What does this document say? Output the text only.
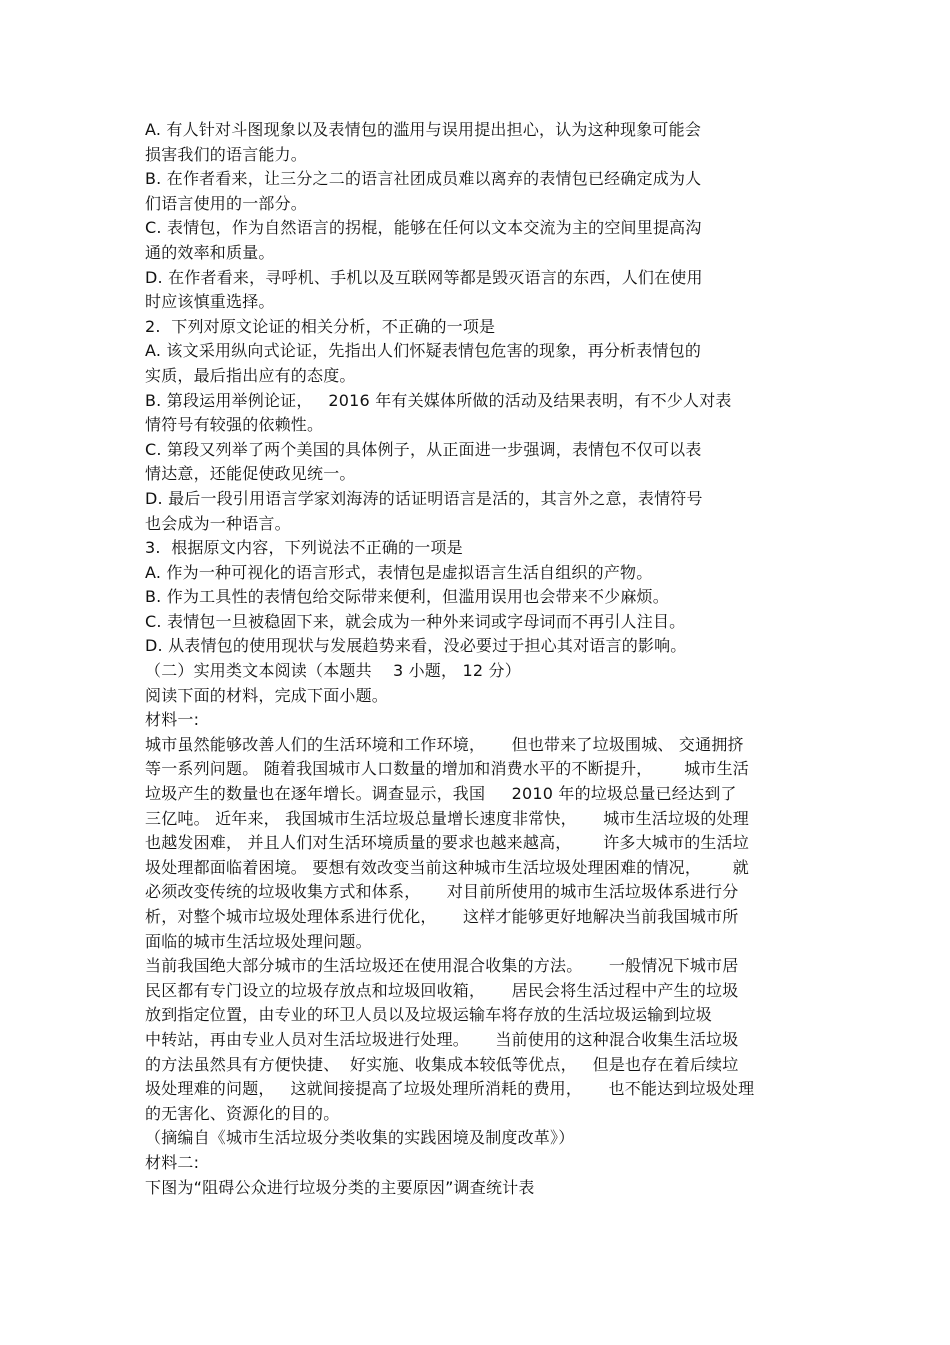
A. 有人针对斗图现象以及表情包的滥用与误用提出担心，认为这种现象可能会
损害我们的语言能力。
B. 在作者看来，让三分之二的语言社团成员难以离弃的表情包已经确定成为人
们语言使用的一部分。
C. 表情包，作为自然语言的拐棍，能够在任何以文本交流为主的空间里提高沟
通的效率和质量。
D. 在作者看来，寻呼机、手机以及互联网等都是毁灭语言的东西，人们在使用
时应该慎重选择。
2.  下列对原文论证的相关分析，不正确的一项是
A. 该文采用纵向式论证，先指出人们怀疑表情包危害的现象，再分析表情包的
实质，最后指出应有的态度。
B. 第段运用举例论证，   2016 年有关媒体所做的活动及结果表明，有不少人对表
情符号有较强的依赖性。
C. 第段又列举了两个美国的具体例子，从正面进一步强调，表情包不仅可以表
情达意，还能促使政见统一。
D. 最后一段引用语言学家刘海涛的话证明语言是活的，其言外之意，表情符号
也会成为一种语言。
3.  根据原文内容，下列说法不正确的一项是
A. 作为一种可视化的语言形式，表情包是虚拟语言生活自组织的产物。
B. 作为工具性的表情包给交际带来便利，但滥用误用也会带来不少麻烦。
C. 表情包一旦被稳固下来，就会成为一种外来词或字母词而不再引人注目。
D. 从表情包的使用现状与发展趋势来看，没必要过于担心其对语言的影响。
（二）实用类文本阅读（本题共    3 小题， 12 分）
阅读下面的材料，完成下面小题。
材料一:
城市虽然能够改善人们的生活环境和工作环境，     但也带来了垃圾围城、 交通拥挤
等一系列问题。 随着我国城市人口数量的增加和消费水平的不断提升，      城市生活
垃圾产生的数量也在逐年增长。调查显示，我国     2010 年的垃圾总量已经达到了
三亿吨。 近年来， 我国城市生活垃圾总量增长速度非常快，     城市生活垃圾的处理
也越发困难， 并且人们对生活环境质量的要求也越来越高，      许多大城市的生活垃
圾处理都面临着困境。 要想有效改变当前这种城市生活垃圾处理困难的情况，      就
必须改变传统的垃圾收集方式和体系，     对目前所使用的城市生活垃圾体系进行分
析，对整个城市垃圾处理体系进行优化，     这样才能够更好地解决当前我国城市所
面临的城市生活垃圾处理问题。
当前我国绝大部分城市的生活垃圾还在使用混合收集的方法。     一般情况下城市居
民区都有专门设立的垃圾存放点和垃圾回收箱，     居民会将生活过程中产生的垃圾
放到指定位置，由专业的环卫人员以及垃圾运输车将存放的生活垃圾运输到垃圾
中转站，再由专业人员对生活垃圾进行处理。     当前使用的这种混合收集生活垃圾
的方法虽然具有方便快捷、  好实施、收集成本较低等优点，   但是也存在着后续垃
圾处理难的问题，   这就间接提高了垃圾处理所消耗的费用，     也不能达到垃圾处理
的无害化、资源化的目的。
（摘编自《城市生活垃圾分类收集的实践困境及制度改革》）
材料二:
下图为“阻碍公众进行垃圾分类的主要原因”调查统计表
